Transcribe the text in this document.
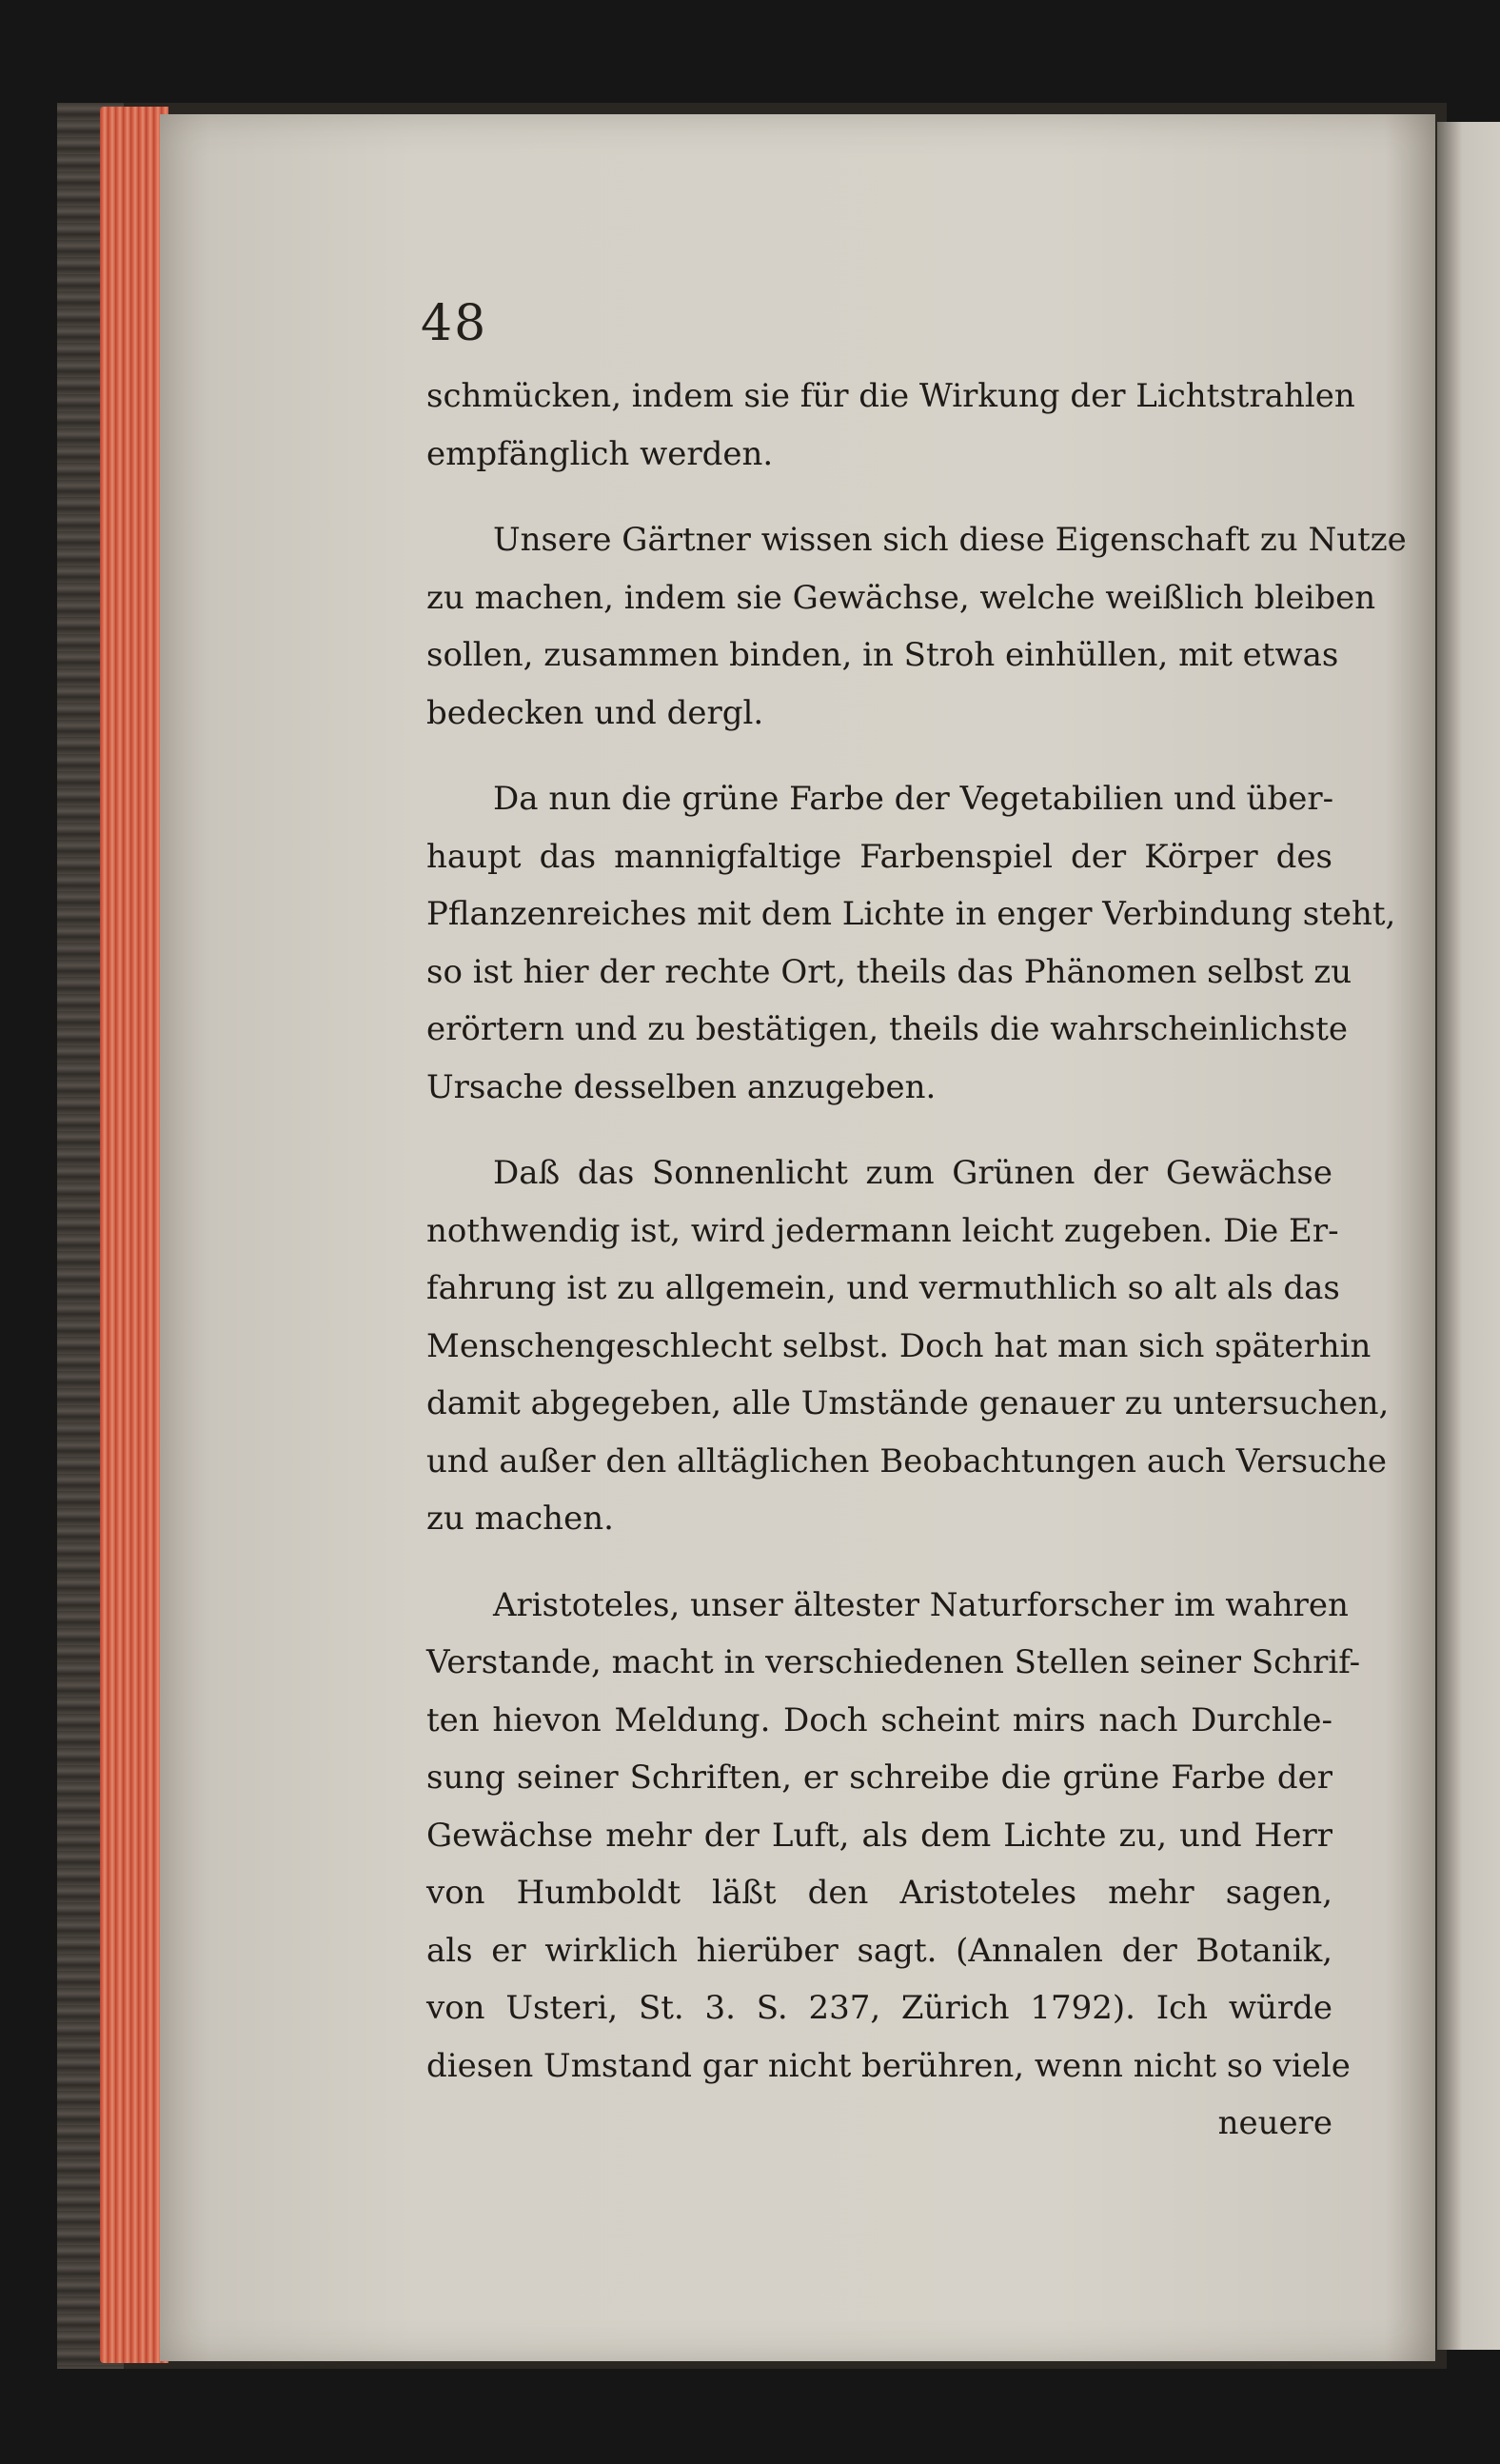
48
schmücken, indem sie für die Wirkung der Lichtstrahlen
empfänglich werden.
Unsere Gärtner wissen sich diese Eigenschaft zu Nutze
zu machen, indem sie Gewächse, welche weißlich bleiben
sollen, zusammen binden, in Stroh einhüllen, mit etwas
bedecken und dergl.
Da nun die grüne Farbe der Vegetabilien und über-
haupt das mannigfaltige Farbenspiel der Körper des
Pflanzenreiches mit dem Lichte in enger Verbindung steht,
so ist hier der rechte Ort, theils das Phänomen selbst zu
erörtern und zu bestätigen, theils die wahrscheinlichste
Ursache desselben anzugeben.
Daß das Sonnenlicht zum Grünen der Gewächse
nothwendig ist, wird jedermann leicht zugeben. Die Er-
fahrung ist zu allgemein, und vermuthlich so alt als das
Menschengeschlecht selbst. Doch hat man sich späterhin
damit abgegeben, alle Umstände genauer zu untersuchen,
und außer den alltäglichen Beobachtungen auch Versuche
zu machen.
Aristoteles, unser ältester Naturforscher im wahren
Verstande, macht in verschiedenen Stellen seiner Schrif-
ten hievon Meldung. Doch scheint mirs nach Durchle-
sung seiner Schriften, er schreibe die grüne Farbe der
Gewächse mehr der Luft, als dem Lichte zu, und Herr
von Humboldt läßt den Aristoteles mehr sagen,
als er wirklich hierüber sagt. (Annalen der Botanik,
von Usteri, St. 3. S. 237, Zürich 1792). Ich würde
diesen Umstand gar nicht berühren, wenn nicht so viele
neuere
